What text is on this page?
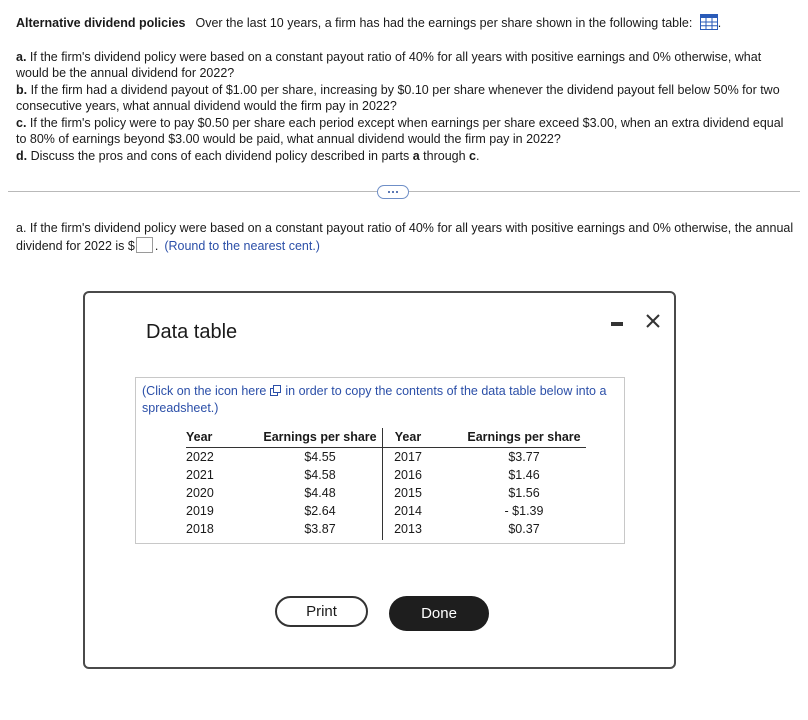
Alternative dividend policies Over the last 10 years, a firm has had the earnings per share shown in the following table: .

a. If the firm's dividend policy were based on a constant payout ratio of 40% for all years with positive earnings and 0% otherwise, what would be the annual dividend for 2022?

b. If the firm had a dividend payout of $1.00 per share, increasing by $0.10 per share whenever the dividend payout fell below 50% for two consecutive years, what annual dividend would the firm pay in 2022?

c. If the firm's policy were to pay $0.50 per share each period except when earnings per share exceed $3.00, when an extra dividend equal to 80% of earnings beyond $3.00 would be paid, what annual dividend would the firm pay in 2022?

d. Discuss the pros and cons of each dividend policy described in parts a through c.

a. If the firm's dividend policy were based on a constant payout ratio of 40% for all years with positive earnings and 0% otherwise, the annual dividend for 2022 is $ . (Round to the nearest cent.)
Data table
(Click on the icon here in order to copy the contents of the data table below into a spreadsheet.)
Year
2022
2021
2020
2019
2018
Earnings per share
$4.55
$4.58
$4.48
$2.64
$3.87
Year
2017
2016
2015
2014
2013
Earnings per share
$3.77
$1.46
$1.56
- $1.39
$0.37
Print	Done
